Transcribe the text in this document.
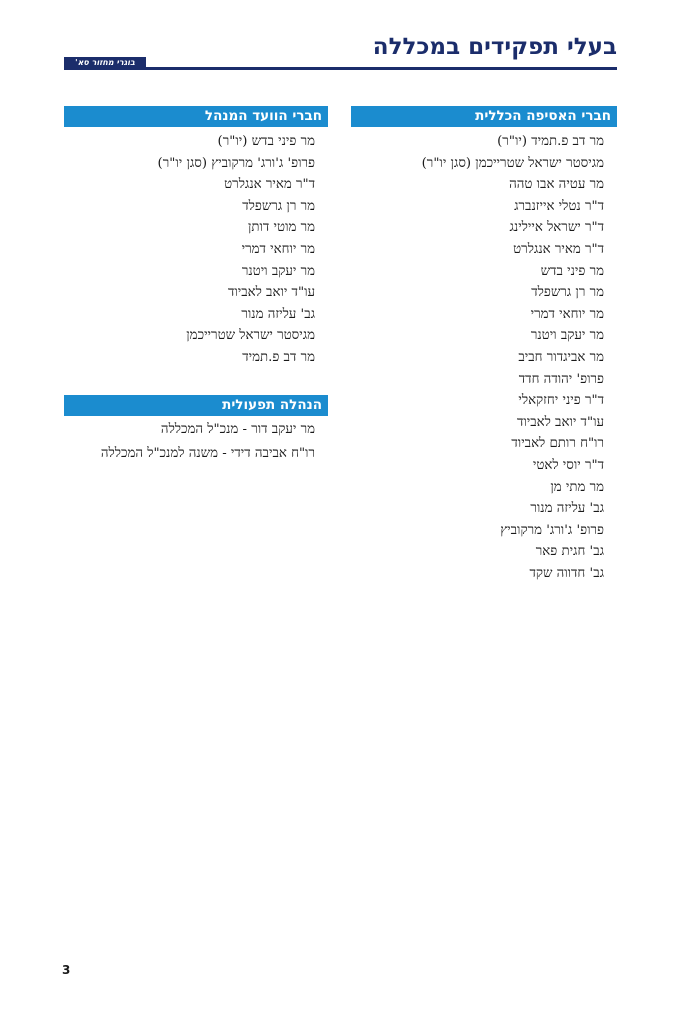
בעלי תפקידים במכללה
בוגרי מחזור סא'
חברי האסיפה הכללית
מר דב פ.תמיד (יו"ר)
מגיסטר ישראל שטרייכמן (סגן יו"ר)
מר עטיה אבו טהה
ד"ר נטלי אייזנברג
ד"ר ישראל איילינג
ד"ר מאיר אנגלרט
מר פיני בדש
מר רן גרשפלד
מר יוחאי דמרי
מר יעקב ויטנר
מר אביגדור חביב
פרופ' יהודה חדד
ד"ר פיני יחזקאלי
עו"ד יואב לאביוד
רו"ח רותם לאביוד
ד"ר יוסי לאטי
מר מתי מן
גב' עליזה מנור
פרופ' ג'ורג' מרקוביץ
גב' חגית פאר
גב' חדווה שקד
חברי הוועד המנהל
מר פיני בדש (יו"ר)
פרופ' ג'ורג' מרקוביץ (סגן יו"ר)
ד"ר מאיר אנגלרט
מר רן גרשפלד
מר מוטי דותן
מר יוחאי דמרי
מר יעקב ויטנר
עו"ד יואב לאביוד
גב' עליזה מנור
מגיסטר ישראל שטרייכמן
מר דב פ.תמיד
הנהלה תפעולית
מר יעקב דור - מנכ"ל המכללה
רו"ח אביבה דידי - משנה למנכ"ל המכללה
3
